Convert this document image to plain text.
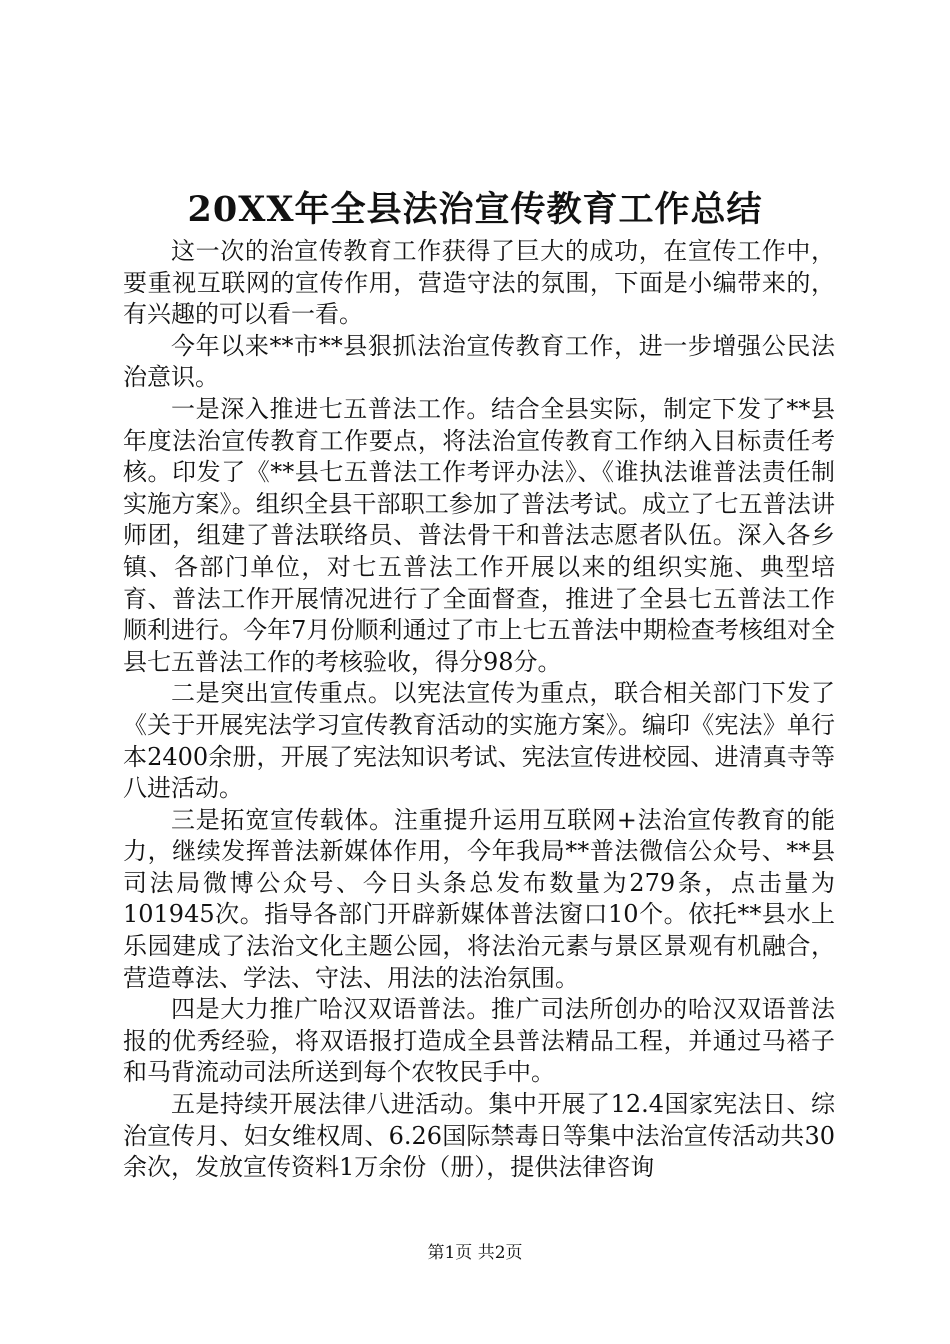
20XX年全县法治宣传教育工作总结

这一次的治宣传教育工作获得了巨大的成功，在宣传工作中，要重视互联网的宣传作用，营造守法的氛围，下面是小编带来的，有兴趣的可以看一看。

今年以来**市**县狠抓法治宣传教育工作，进一步增强公民法治意识。

一是深入推进七五普法工作。结合全县实际，制定下发了**县年度法治宣传教育工作要点，将法治宣传教育工作纳入目标责任考核。印发了《**县七五普法工作考评办法》、《谁执法谁普法责任制实施方案》。组织全县干部职工参加了普法考试。成立了七五普法讲师团，组建了普法联络员、普法骨干和普法志愿者队伍。深入各乡镇、各部门单位，对七五普法工作开展以来的组织实施、典型培育、普法工作开展情况进行了全面督查，推进了全县七五普法工作顺利进行。今年7月份顺利通过了市上七五普法中期检查考核组对全县七五普法工作的考核验收，得分98分。

二是突出宣传重点。以宪法宣传为重点，联合相关部门下发了《关于开展宪法学习宣传教育活动的实施方案》。编印《宪法》单行本2400余册，开展了宪法知识考试、宪法宣传进校园、进清真寺等八进活动。

三是拓宽宣传载体。注重提升运用互联网+法治宣传教育的能力，继续发挥普法新媒体作用，今年我局**普法微信公众号、**县司法局微博公众号、今日头条总发布数量为279条，点击量为101945次。指导各部门开辟新媒体普法窗口10个。依托**县水上乐园建成了法治文化主题公园，将法治元素与景区景观有机融合，营造尊法、学法、守法、用法的法治氛围。

四是大力推广哈汉双语普法。推广司法所创办的哈汉双语普法报的优秀经验，将双语报打造成全县普法精品工程，并通过马褡子和马背流动司法所送到每个农牧民手中。

五是持续开展法律八进活动。集中开展了12.4国家宪法日、综治宣传月、妇女维权周、6.26国际禁毒日等集中法治宣传活动共30余次，发放宣传资料1万余份（册），提供法律咨询

第1页 共2页
